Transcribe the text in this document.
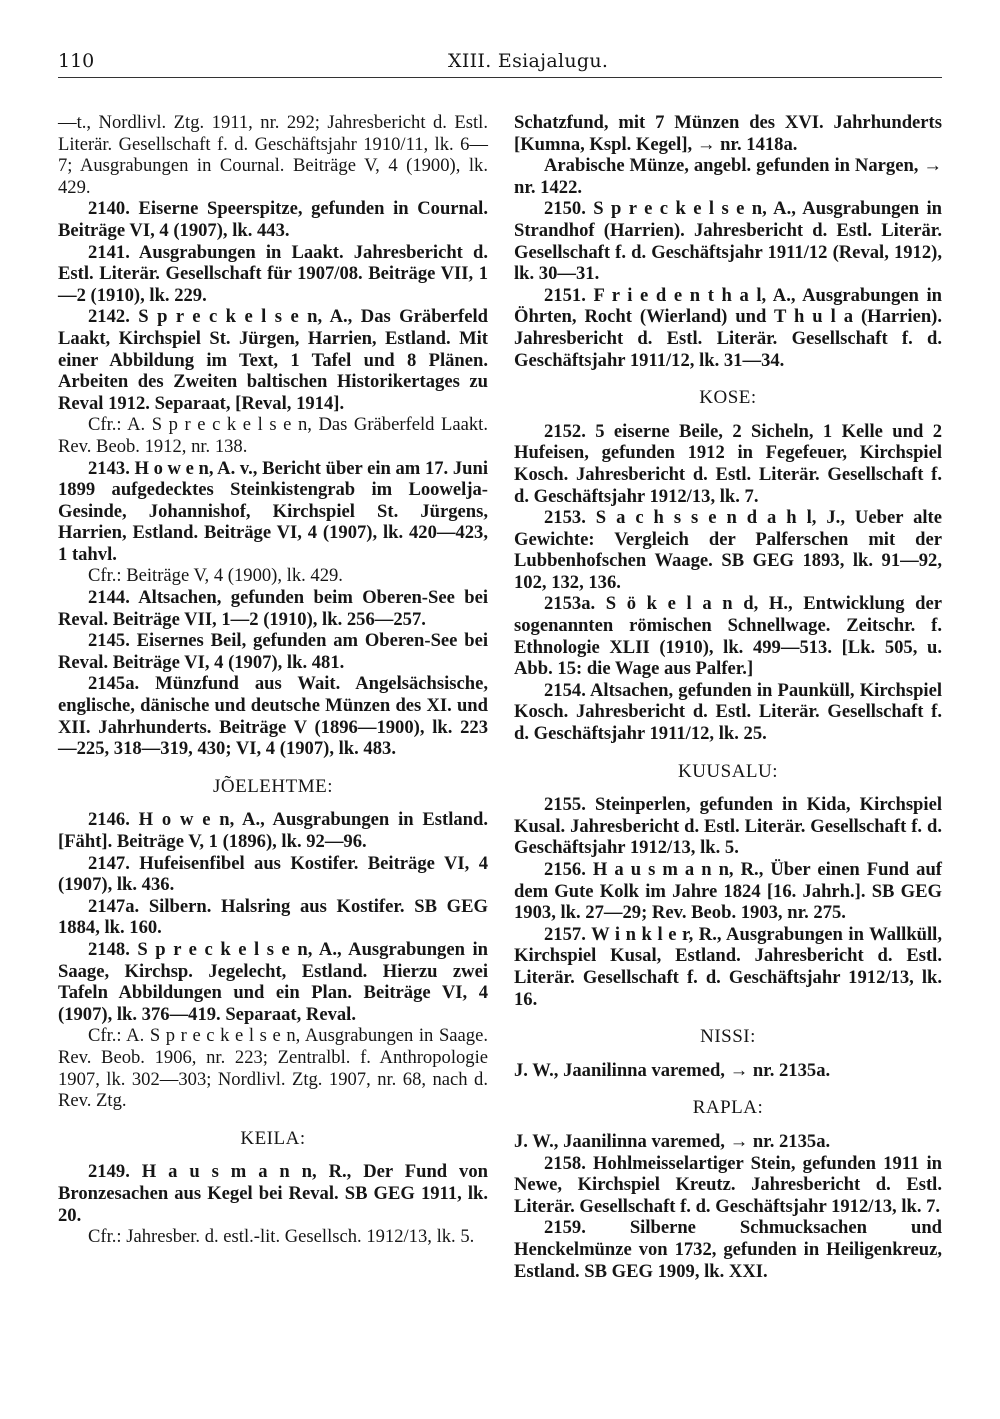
110	XIII. Esiajalugu.

—t., Nordlivl. Ztg. 1911, nr. 292; Jahresbericht d. Estl. Literär. Gesellschaft f. d. Geschäftsjahr 1910/11, lk. 6—7; Ausgrabungen in Cournal. Beiträge V, 4 (1900), lk. 429.

2140. Eiserne Speerspitze, gefunden in Cournal. Beiträge VI, 4 (1907), lk. 443.

2141. Ausgrabungen in Laakt. Jahresbericht d. Estl. Literär. Gesellschaft für 1907/08. Beiträge VII, 1—2 (1910), lk. 229.

2142. S p r e c k e l s e n, A., Das Gräberfeld Laakt, Kirchspiel St. Jürgen, Harrien, Estland. Mit einer Abbildung im Text, 1 Tafel und 8 Plänen. Arbeiten des Zweiten baltischen Historikertages zu Reval 1912. Separaat, [Reval, 1914].

Cfr.: A. S p r e c k e l s e n, Das Gräberfeld Laakt. Rev. Beob. 1912, nr. 138.

2143. H o w e n, A. v., Bericht über ein am 17. Juni 1899 aufgedecktes Steinkistengrab im Loowelja-Gesinde, Johannishof, Kirchspiel St. Jürgens, Harrien, Estland. Beiträge VI, 4 (1907), lk. 420—423, 1 tahvl.

Cfr.: Beiträge V, 4 (1900), lk. 429.

2144. Altsachen, gefunden beim Oberen-See bei Reval. Beiträge VII, 1—2 (1910), lk. 256—257.

2145. Eisernes Beil, gefunden am Oberen-See bei Reval. Beiträge VI, 4 (1907), lk. 481.

2145a. Münzfund aus Wait. Angelsächsische, englische, dänische und deutsche Münzen des XI. und XII. Jahrhunderts. Beiträge V (1896—1900), lk. 223—225, 318—319, 430; VI, 4 (1907), lk. 483.

JÕELEHTME:

2146. H o w e n, A., Ausgrabungen in Estland. [Fäht]. Beiträge V, 1 (1896), lk. 92—96.

2147. Hufeisenfibel aus Kostifer. Beiträge VI, 4 (1907), lk. 436.

2147a. Silbern. Halsring aus Kostifer. SB GEG 1884, lk. 160.

2148. S p r e c k e l s e n, A., Ausgrabungen in Saage, Kirchsp. Jegelecht, Estland. Hierzu zwei Tafeln Abbildungen und ein Plan. Beiträge VI, 4 (1907), lk. 376—419. Separaat, Reval.

Cfr.: A. S p r e c k e l s e n, Ausgrabungen in Saage. Rev. Beob. 1906, nr. 223; Zentralbl. f. Anthropologie 1907, lk. 302—303; Nordlivl. Ztg. 1907, nr. 68, nach d. Rev. Ztg.

KEILA:

2149. H a u s m a n n, R., Der Fund von Bronzesachen aus Kegel bei Reval. SB GEG 1911, lk. 20.

Cfr.: Jahresber. d. estl.-lit. Gesellsch. 1912/13, lk. 5.

Schatzfund, mit 7 Münzen des XVI. Jahrhunderts [Kumna, Kspl. Kegel], → nr. 1418a.

Arabische Münze, angebl. gefunden in Nargen, → nr. 1422.

2150. S p r e c k e l s e n, A., Ausgrabungen in Strandhof (Harrien). Jahresbericht d. Estl. Literär. Gesellschaft f. d. Geschäftsjahr 1911/12 (Reval, 1912), lk. 30—31.

2151. F r i e d e n t h a l, A., Ausgrabungen in Öhrten, Rocht (Wierland) und T h u l a (Harrien). Jahresbericht d. Estl. Literär. Gesellschaft f. d. Geschäftsjahr 1911/12, lk. 31—34.

KOSE:

2152. 5 eiserne Beile, 2 Sicheln, 1 Kelle und 2 Hufeisen, gefunden 1912 in Fegefeuer, Kirchspiel Kosch. Jahresbericht d. Estl. Literär. Gesellschaft f. d. Geschäftsjahr 1912/13, lk. 7.

2153. S a c h s s e n d a h l, J., Ueber alte Gewichte: Vergleich der Palferschen mit der Lubbenhofschen Waage. SB GEG 1893, lk. 91—92, 102, 132, 136.

2153a. S ö k e l a n d, H., Entwicklung der sogenannten römischen Schnellwage. Zeitschr. f. Ethnologie XLII (1910), lk. 499—513. [Lk. 505, u. Abb. 15: die Wage aus Palfer.]

2154. Altsachen, gefunden in Paunküll, Kirchspiel Kosch. Jahresbericht d. Estl. Literär. Gesellschaft f. d. Geschäftsjahr 1911/12, lk. 25.

KUUSALU:

2155. Steinperlen, gefunden in Kida, Kirchspiel Kusal. Jahresbericht d. Estl. Literär. Gesellschaft f. d. Geschäftsjahr 1912/13, lk. 5.

2156. H a u s m a n n, R., Über einen Fund auf dem Gute Kolk im Jahre 1824 [16. Jahrh.]. SB GEG 1903, lk. 27—29; Rev. Beob. 1903, nr. 275.

2157. W i n k l e r, R., Ausgrabungen in Wallküll, Kirchspiel Kusal, Estland. Jahresbericht d. Estl. Literär. Gesellschaft f. d. Geschäftsjahr 1912/13, lk. 16.

NISSI:

J. W., Jaanilinna varemed, → nr. 2135a.

RAPLA:

J. W., Jaanilinna varemed, → nr. 2135a.

2158. Hohlmeisselartiger Stein, gefunden 1911 in Newe, Kirchspiel Kreutz. Jahresbericht d. Estl. Literär. Gesellschaft f. d. Geschäftsjahr 1912/13, lk. 7.

2159. Silberne Schmucksachen und Henckelmünze von 1732, gefunden in Heiligenkreuz, Estland. SB GEG 1909, lk. XXI.
